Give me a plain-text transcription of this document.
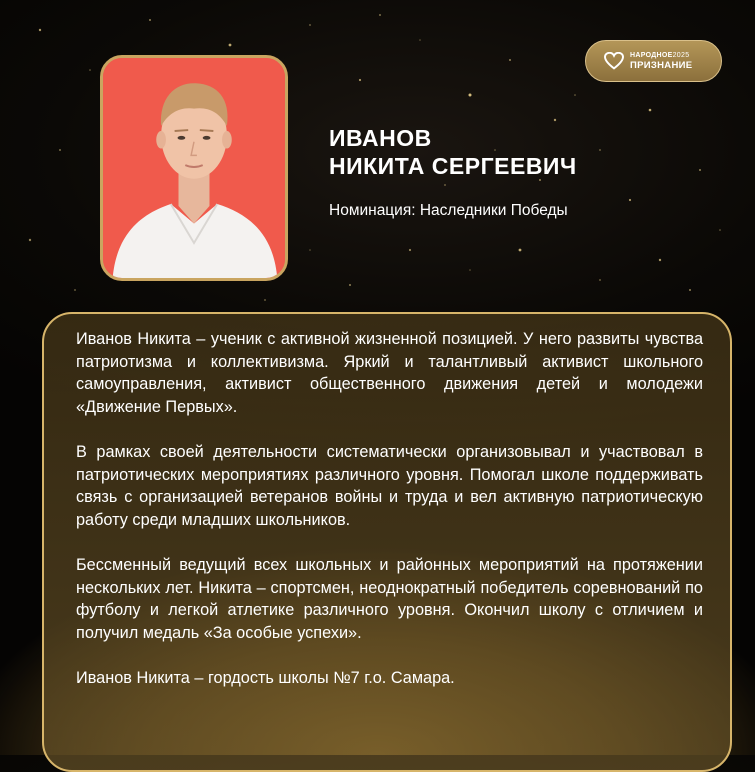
НАРОДНОЕ2025
ПРИЗНАНИЕ
ИВАНОВ
НИКИТА СЕРГЕЕВИЧ
Номинация: Наследники Победы

Иванов Никита – ученик с активной жизненной позицией. У него развиты чувства патриотизма и коллективизма. Яркий и талантливый активист школьного самоуправления, активист общественного движения детей и молодежи «Движение Первых».

В рамках своей деятельности систематически организовывал и участвовал в патриотических мероприятиях различного уровня. Помогал школе поддерживать связь с организацией ветеранов войны и труда и вел активную патриотическую работу среди младших школьников.

Бессменный ведущий всех школьных и районных мероприятий на протяжении нескольких лет. Никита – спортсмен, неоднократный победитель соревнований по футболу и легкой атлетике различного уровня. Окончил школу с отличием и получил медаль «За особые успехи».

Иванов Никита – гордость школы №7 г.о. Самара.
